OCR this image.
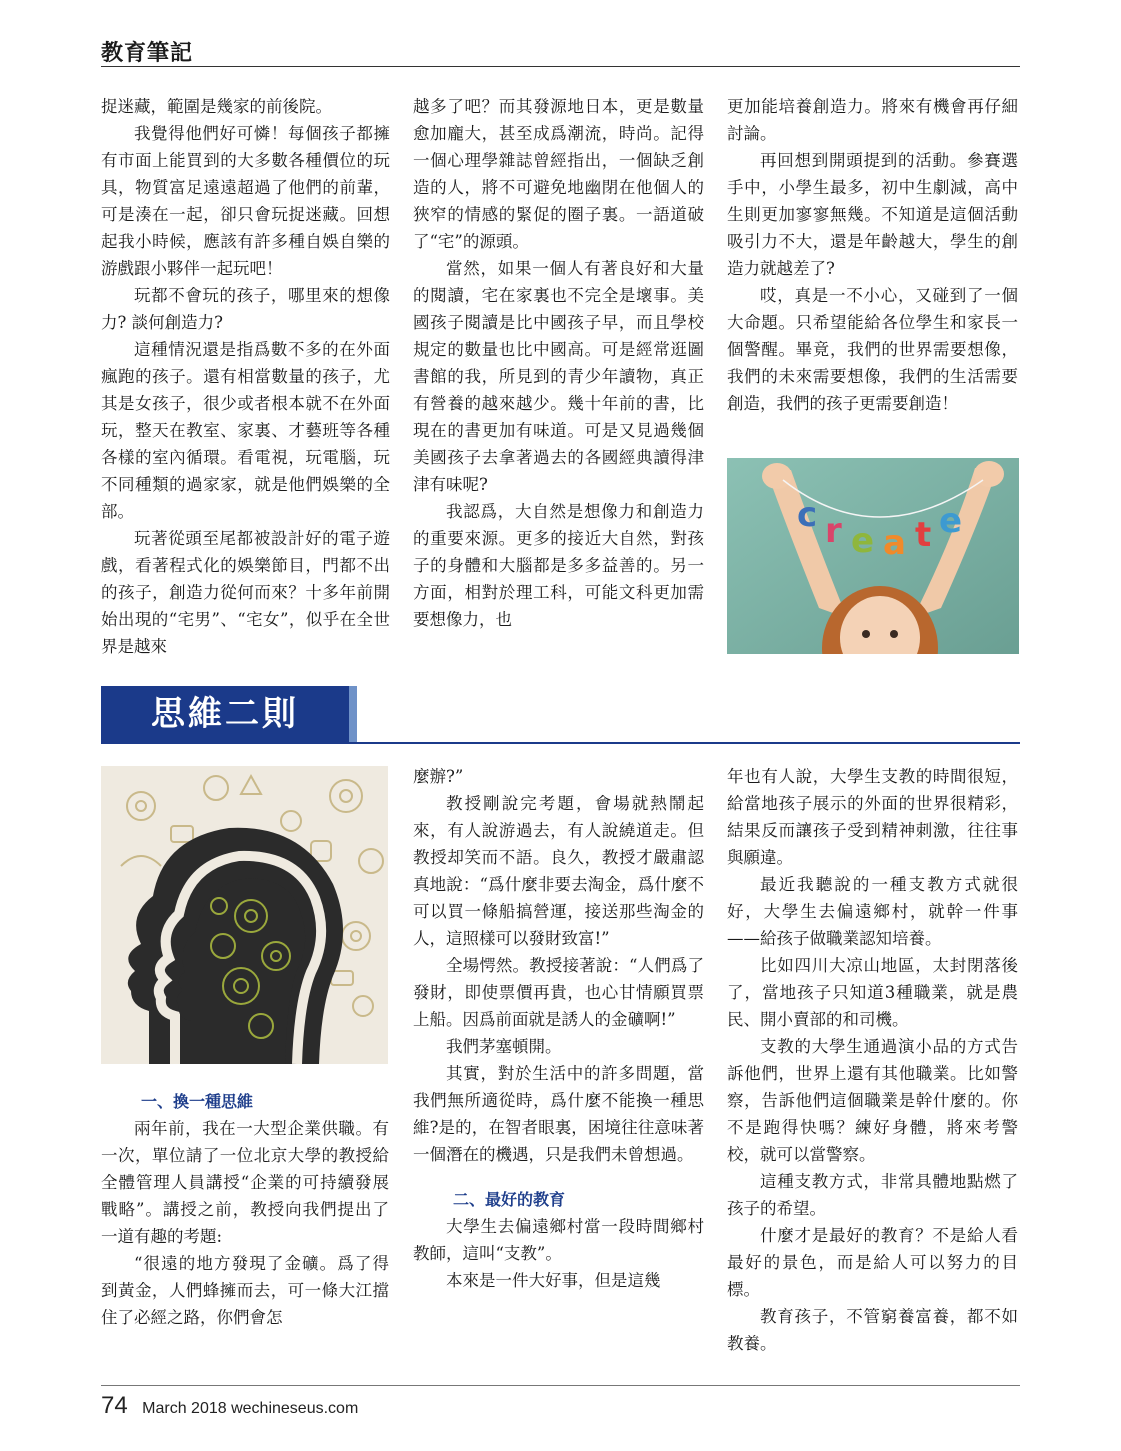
教育筆記

捉迷藏，範圍是幾家的前後院。

我覺得他們好可憐！每個孩子都擁有市面上能買到的大多數各種價位的玩具，物質富足遠遠超過了他們的前輩，可是湊在一起，卻只會玩捉迷藏。回想起我小時候，應該有許多種自娛自樂的游戲跟小夥伴一起玩吧！

玩都不會玩的孩子，哪里來的想像力? 談何創造力?

這種情況還是指爲數不多的在外面瘋跑的孩子。還有相當數量的孩子，尤其是女孩子，很少或者根本就不在外面玩，整天在教室、家裏、才藝班等各種各樣的室內循環。看電視，玩電腦，玩不同種類的過家家，就是他們娛樂的全部。

玩著從頭至尾都被設計好的電子遊戲，看著程式化的娛樂節目，門都不出的孩子，創造力從何而來？十多年前開始出現的“宅男”、“宅女”，似乎在全世界是越來

越多了吧？而其發源地日本，更是數量愈加龐大，甚至成爲潮流，時尚。記得一個心理學雜誌曾經指出，一個缺乏創造的人，將不可避免地幽閉在他個人的狹窄的情感的緊促的圈子裏。一語道破了“宅”的源頭。

當然，如果一個人有著良好和大量的閱讀，宅在家裏也不完全是壞事。美國孩子閱讀是比中國孩子早，而且學校規定的數量也比中國高。可是經常逛圖書館的我，所見到的青少年讀物，真正有營養的越來越少。幾十年前的書，比現在的書更加有味道。可是又見過幾個美國孩子去拿著過去的各國經典讀得津津有味呢?

我認爲，大自然是想像力和創造力的重要來源。更多的接近大自然，對孩子的身體和大腦都是多多益善的。另一方面，相對於理工科，可能文科更加需要想像力，也

更加能培養創造力。將來有機會再仔細討論。

再回想到開頭提到的活動。參賽選手中，小學生最多，初中生劇減，高中生則更加寥寥無幾。不知道是這個活動吸引力不大，還是年齡越大，學生的創造力就越差了?

哎，真是一不小心，又碰到了一個大命題。只希望能給各位學生和家長一個警醒。畢竟，我們的世界需要想像，我們的未來需要想像，我們的生活需要創造，我們的孩子更需要創造！

c r e a t e
思維二則

一、換一種思維

兩年前，我在一大型企業供職。有一次，單位請了一位北京大學的教授給全體管理人員講授“企業的可持續發展戰略”。講授之前，教授向我們提出了一道有趣的考題:

“很遠的地方發現了金礦。爲了得到黃金，人們蜂擁而去，可一條大江擋住了必經之路，你們會怎

麼辦?”

教授剛說完考題，會場就熱鬧起來，有人說游過去，有人說繞道走。但教授却笑而不語。良久，教授才嚴肅認真地說：“爲什麼非要去淘金，爲什麼不可以買一條船搞營運，接送那些淘金的人，這照樣可以發財致富!”

全場愕然。教授接著說：“人們爲了發財，即使票價再貴，也心甘情願買票上船。因爲前面就是誘人的金礦啊!”

我們茅塞頓開。

其實，對於生活中的許多問題，當我們無所適從時，爲什麼不能換一種思維?是的，在智者眼裏，困境往往意味著一個潛在的機遇，只是我們未曾想過。

二、最好的教育

大學生去偏遠鄉村當一段時間鄉村教師，這叫“支教”。

本來是一件大好事，但是這幾

年也有人說，大學生支教的時間很短，給當地孩子展示的外面的世界很精彩，結果反而讓孩子受到精神刺激，往往事與願違。

最近我聽說的一種支教方式就很好，大學生去偏遠鄉村，就幹一件事——給孩子做職業認知培養。

比如四川大凉山地區，太封閉落後了，當地孩子只知道3種職業，就是農民、開小賣部的和司機。

支教的大學生通過演小品的方式告訴他們，世界上還有其他職業。比如警察，告訴他們這個職業是幹什麼的。你不是跑得快嗎？練好身體，將來考警校，就可以當警察。

這種支教方式，非常具體地點燃了孩子的希望。

什麼才是最好的教育？不是給人看最好的景色，而是給人可以努力的目標。

教育孩子，不管窮養富養，都不如教養。

74 March 2018 wechineseus.com
